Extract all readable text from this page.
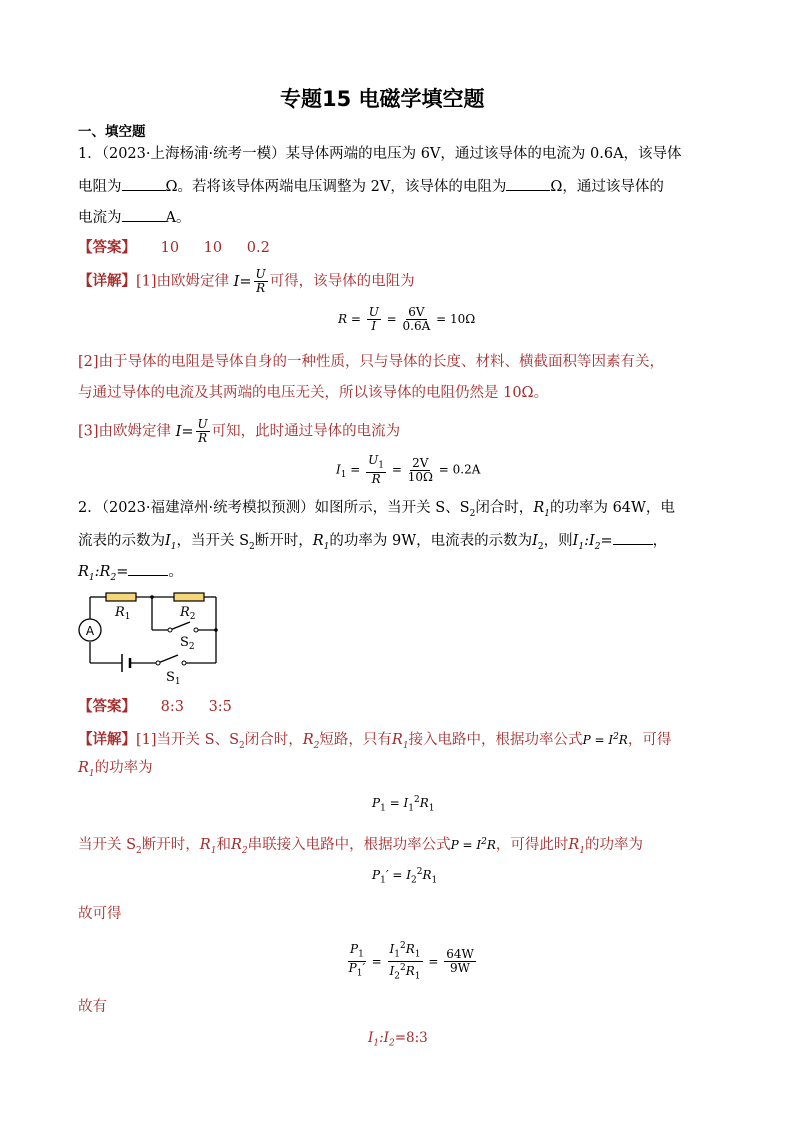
专题15 电磁学填空题
一、填空题
1．（2023·上海杨浦·统考一模）某导体两端的电压为 6V，通过该导体的电流为 0.6A，该导体
电阻为	Ω。若将该导体两端电压调整为 2V，该导体的电阻为	Ω，通过该导体的
电流为	A。
【答案】 10 10 0.2
【详解】[1]由欧姆定律 $I= \frac{U}{R}$ 可得，该导体的电阻为
$R = \frac{U}{I} = \frac{6V}{0.6A} = 10\Omega$
[2]由于导体的电阻是导体自身的一种性质，只与导体的长度、材料、横截面积等因素有关，
与通过导体的电流及其两端的电压无关，所以该导体的电阻仍然是 10Ω。
[3]由欧姆定律 $I= \frac{U}{R}$ 可知，此时通过导体的电流为
$I_1 = \frac{U_1}{R} = \frac{2V}{10\Omega} = 0.2A$
2．（2023·福建漳州·统考模拟预测）如图所示，当开关 S、$S_2$闭合时，$R_1$的功率为 64W，电
流表的示数为$I_1$，当开关 $S_2$断开时，$R_1$的功率为 9W，电流表的示数为$I_2$，则$I_1:I_2=$	，
$R_1:R_2=$	。
A
$R_1$	$R_2$
$S_2$
$S_1$
【答案】 8:3 3:5
【详解】[1]当开关 S、$S_2$闭合时，$R_2$短路，只有$R_1$接入电路中，根据功率公式$P = I^2R$，可得
$R_1$的功率为
$P_1 = I_1^2R_1$
当开关 $S_2$断开时，$R_1$和$R_2$串联接入电路中，根据功率公式$P = I^2R$，可得此时$R_1$的功率为
$P_1' = I_2^2R_1$
故可得
$\frac{P_1}{P_1'} = \frac{I_1^2R_1}{I_2^2R_1} = \frac{64W}{9W}$
故有
$I_1:I_2=8:3$
